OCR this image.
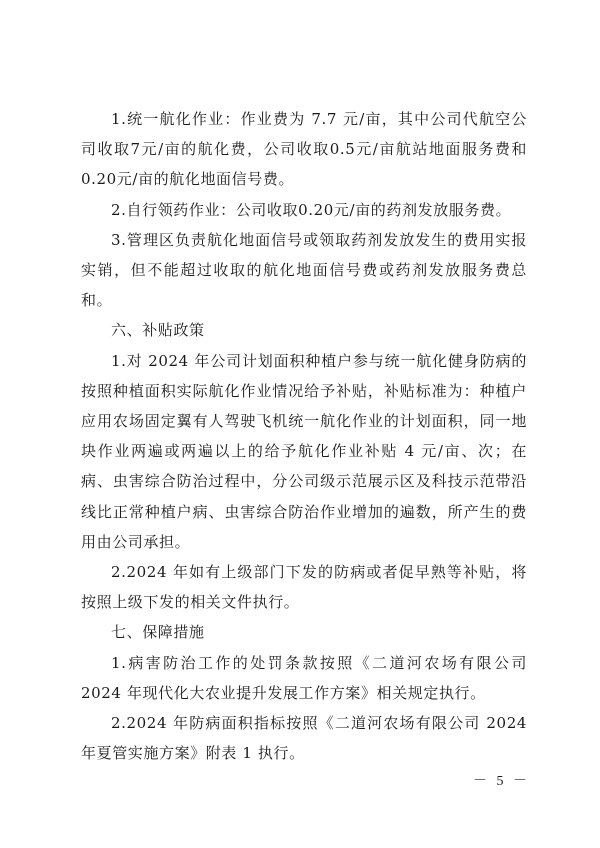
1.统一航化作业：作业费为 7.7 元/亩，其中公司代航空公司收取7元/亩的航化费，公司收取0.5元/亩航站地面服务费和0.20元/亩的航化地面信号费。

2.自行领药作业：公司收取0.20元/亩的药剂发放服务费。

3.管理区负责航化地面信号或领取药剂发放发生的费用实报实销，但不能超过收取的航化地面信号费或药剂发放服务费总和。

六、补贴政策

1.对 2024 年公司计划面积种植户参与统一航化健身防病的按照种植面积实际航化作业情况给予补贴，补贴标准为：种植户应用农场固定翼有人驾驶飞机统一航化作业的计划面积，同一地块作业两遍或两遍以上的给予航化作业补贴 4 元/亩、次；在病、虫害综合防治过程中，分公司级示范展示区及科技示范带沿线比正常种植户病、虫害综合防治作业增加的遍数，所产生的费用由公司承担。

2.2024 年如有上级部门下发的防病或者促早熟等补贴，将按照上级下发的相关文件执行。

七、保障措施

1.病害防治工作的处罚条款按照《二道河农场有限公司 2024 年现代化大农业提升发展工作方案》相关规定执行。

2.2024 年防病面积指标按照《二道河农场有限公司 2024 年夏管实施方案》附表 1 执行。

－ 5 －
